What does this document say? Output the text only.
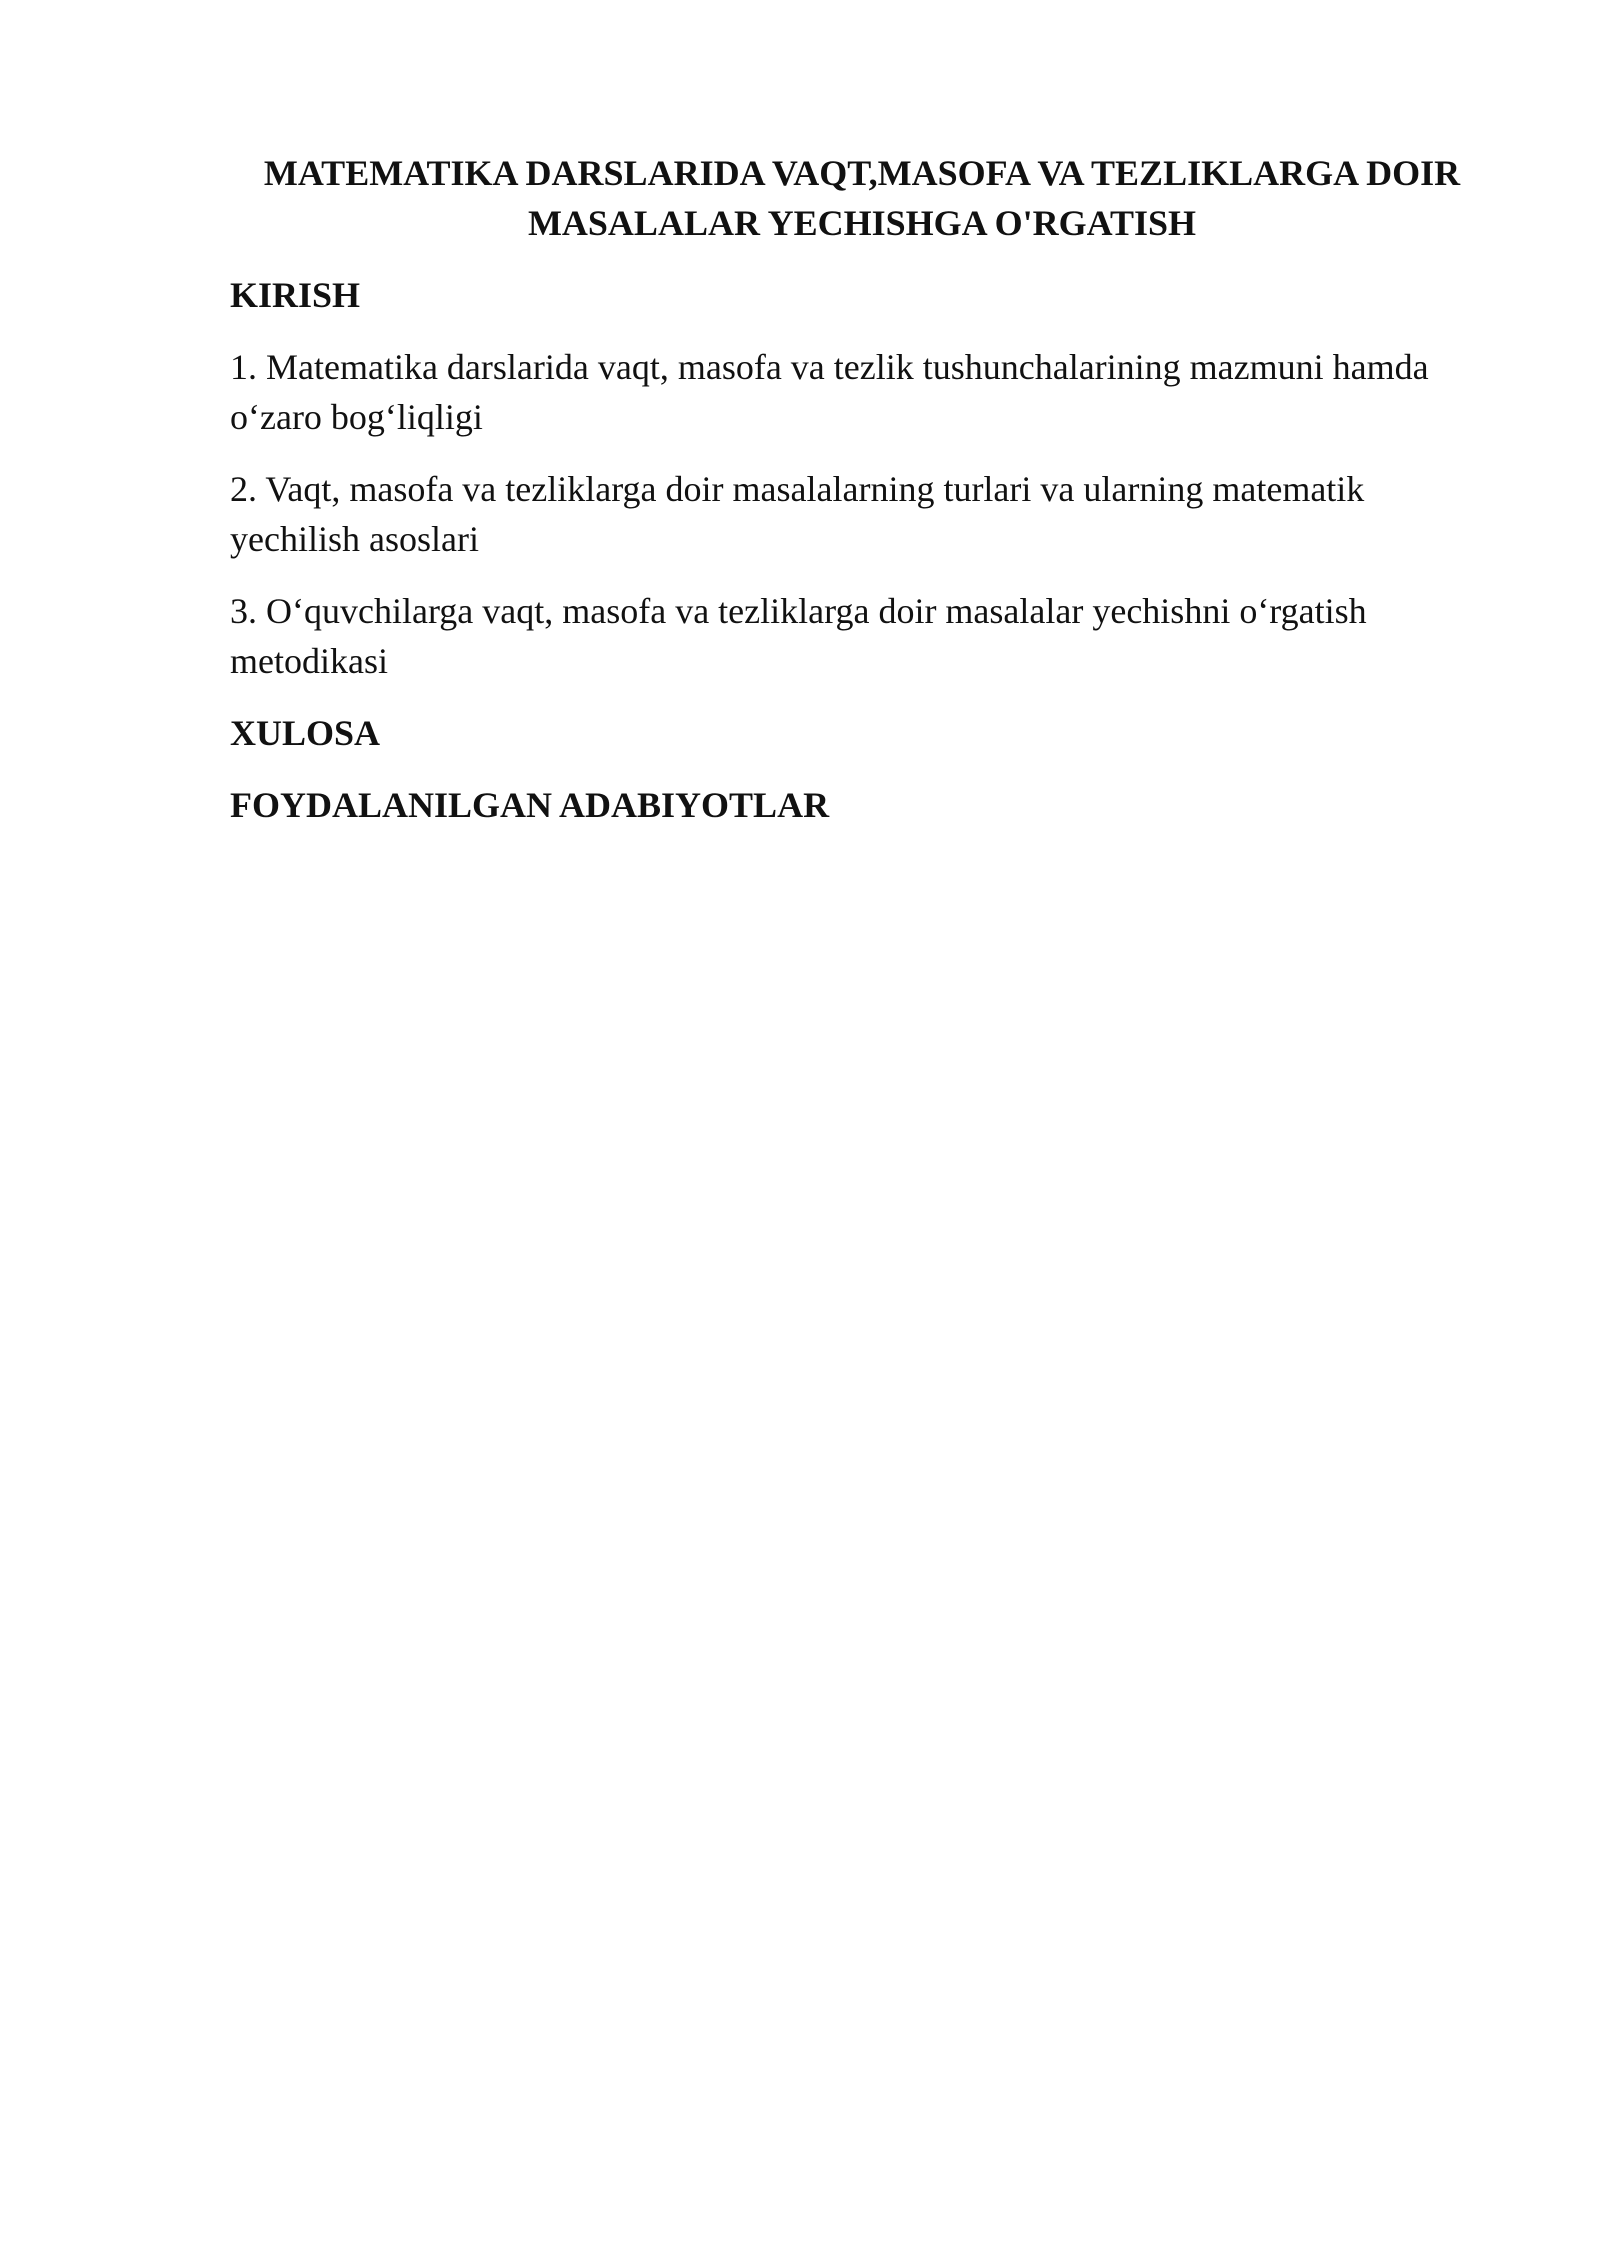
MATEMATIKA DARSLARIDA VAQT,MASOFA VA TEZLIKLARGA DOIR
MASALALAR YECHISHGA O'RGATISH

KIRISH

1. Matematika darslarida vaqt, masofa va tezlik tushunchalarining mazmuni hamda
o‘zaro bog‘liqligi

2. Vaqt, masofa va tezliklarga doir masalalarning turlari va ularning matematik
yechilish asoslari

3. O‘quvchilarga vaqt, masofa va tezliklarga doir masalalar yechishni o‘rgatish
metodikasi

XULOSA

FOYDALANILGAN ADABIYOTLAR
